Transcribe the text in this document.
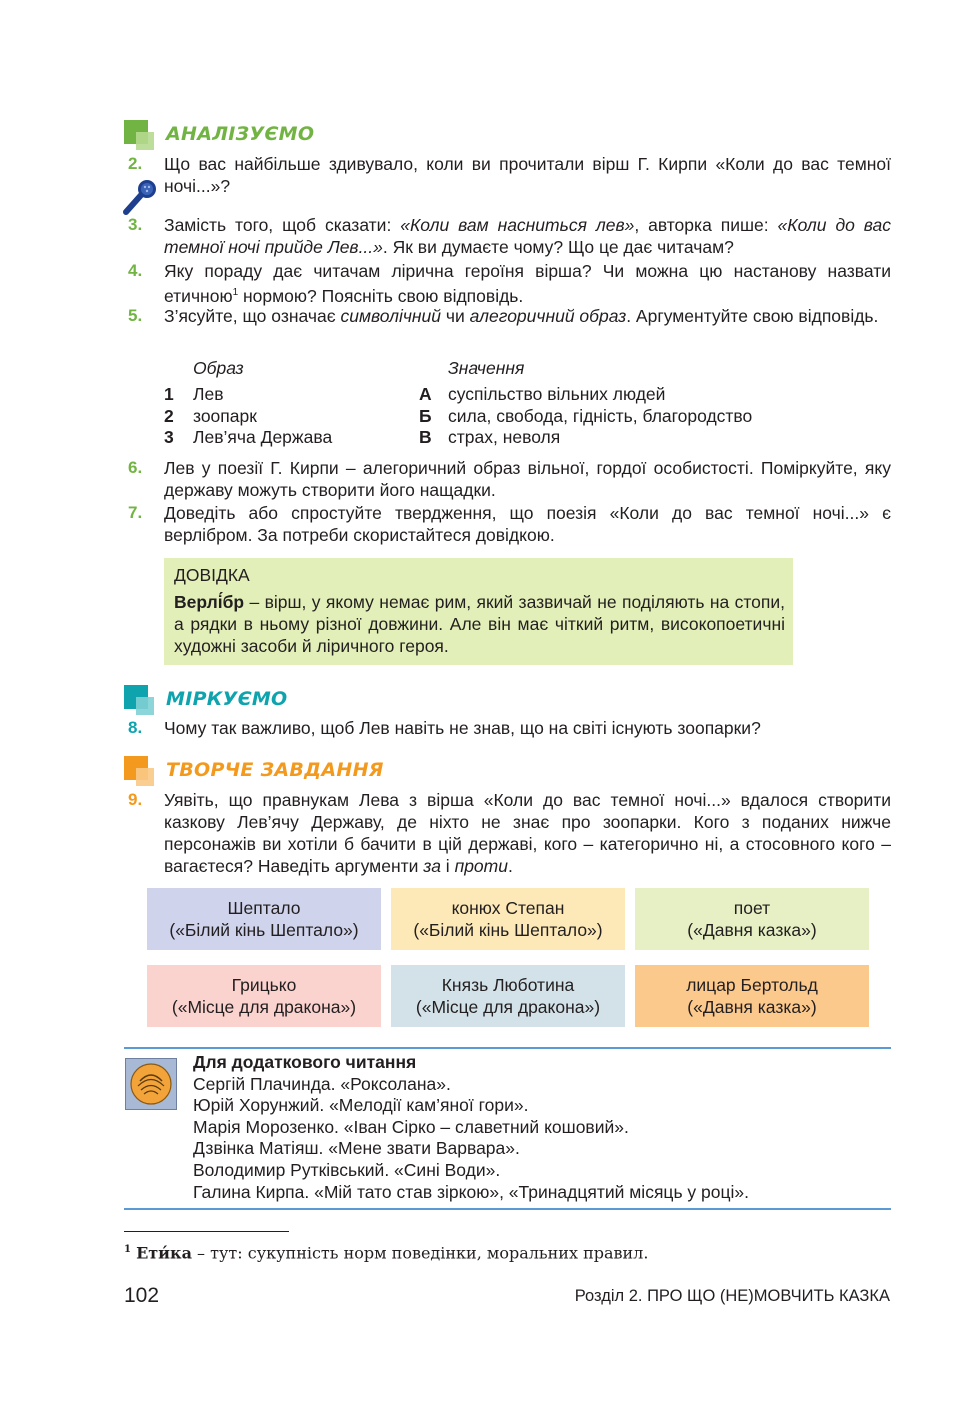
АНАЛІЗУЄМО
2. Що вас найбільше здивувало, коли ви прочитали вірш Г. Кирпи «Коли до вас темної ночі...»?
3. Замість того, щоб сказати: «Коли вам насниться лев», авторка пише: «Коли до вас темної ночі прийде Лев...». Як ви думаєте чому? Що це дає читачам?
4. Яку пораду дає читачам лірична героїня вірша? Чи можна цю настанову назвати етичною$^1$ нормою? Поясніть свою відповідь.
5. З’ясуйте, що означає символічний чи алегоричний образ. Аргументуйте свою відповідь.
Образ	Значення
1 Лев
2 зоопарк
3 Лев’яча Держава
А суспільство вільних людей
Б сила, свобода, гідність, благородство
В страх, неволя
6. Лев у поезії Г. Кирпи – алегоричний образ вільної, гордої особистості. Поміркуйте, яку державу можуть створити його нащадки.
7. Доведіть або спростуйте твердження, що поезія «Коли до вас темної ночі...» є верлібром. За потреби скористайтеся довідкою.
ДОВІДКА
Верлі́бр – вірш, у якому немає рим, який зазвичай не поділяють на стопи, а рядки в ньому різної довжини. Але він має чіткий ритм, високопоетичні художні засоби й ліричного героя.
МІРКУЄМО
8. Чому так важливо, щоб Лев навіть не знав, що на світі існують зоопарки?
ТВОРЧЕ ЗАВДАННЯ
9. Уявіть, що правнукам Лева з вірша «Коли до вас темної ночі...» вдалося створити казкову Лев’ячу Державу, де ніхто не знає про зоопарки. Кого з поданих нижче персонажів ви хотіли б бачити в цій державі, кого – категорично ні, а стосовного кого – вагаєтеся? Наведіть аргументи за і проти.
Шептало
(«Білий кінь Шептало»)
конюх Степан
(«Білий кінь Шептало»)
поет
(«Давня казка»)
Грицько
(«Місце для дракона»)
Князь Люботина
(«Місце для дракона»)
лицар Бертольд
(«Давня казка»)
Для додаткового читання
Сергій Плачинда. «Роксолана».
Юрій Хорунжий. «Мелодії кам’яної гори».
Марія Морозенко. «Іван Сірко – славетний кошовий».
Дзвінка Матіяш. «Мене звати Варвара».
Володимир Рутківський. «Сині Води».
Галина Кирпа. «Мій тато став зіркою», «Тринадцятий місяць у році».
$^1$ Ети́ка – тут: сукупність норм поведінки, моральних правил.
102	Розділ 2. ПРО ЩО (НЕ)МОВЧИТЬ КАЗКА
